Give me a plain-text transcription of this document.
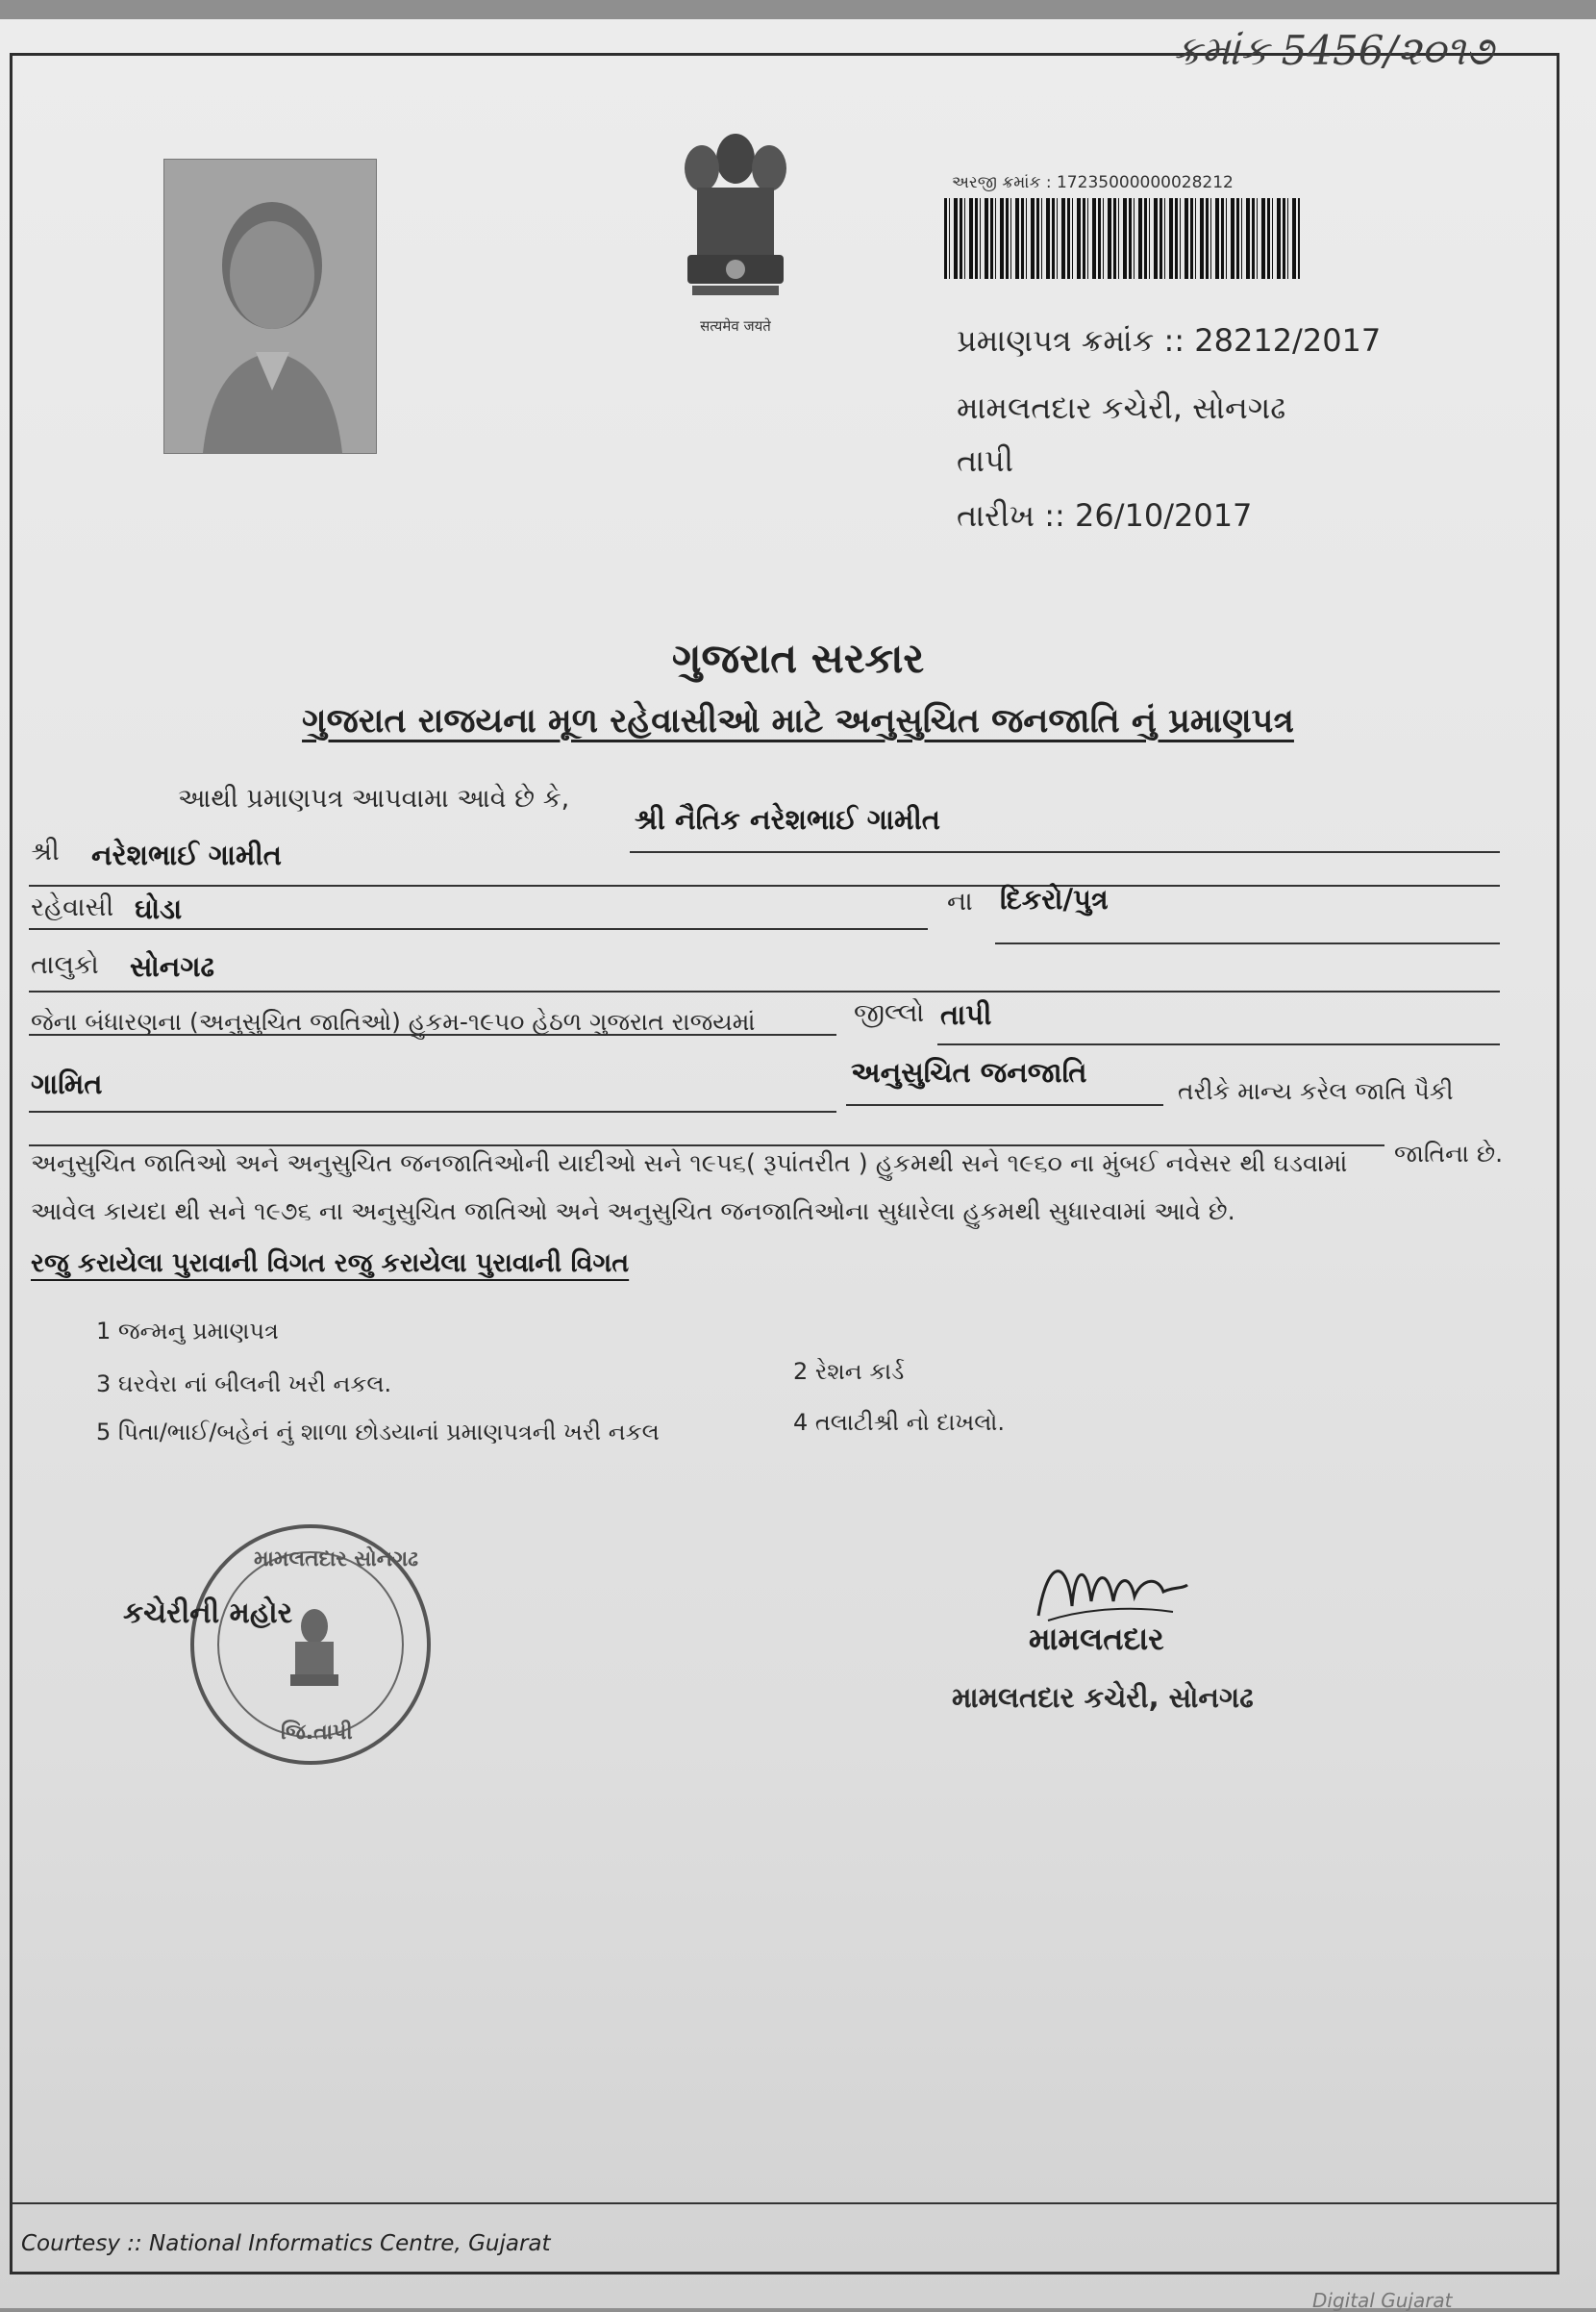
ક્રમાંક 5456/૨૦૧૭
सत्यमेव जयते
અરજી ક્રમાંક : 17235000000028212
પ્રમાણપત્ર ક્રમાંક :: 28212/2017
મામલતદાર કચેરી, સોનગઢ
તાપી
તારીખ :: 26/10/2017
ગુજરાત સરકાર
ગુજરાત રાજયના મૂળ રહેવાસીઓ માટે અનુસુચિત જનજાતિ નું પ્રમાણપત્ર
આથી પ્રમાણપત્ર આપવામા આવે છે કે,
શ્રી નૈતિક નરેશભાઈ ગામીત
શ્રી નરેશભાઈ ગામીત
રહેવાસી ઘોડા	ના દિકરો/પુત્ર
તાલુકો સોનગઢ
જીલ્લો તાપી
જેના બંધારણના (અનુસુચિત જાતિઓ) હુકમ-૧૯૫૦ હેઠળ ગુજરાત રાજયમાં
અનુસુચિત જનજાતિ
તરીકે માન્ય કરેલ જાતિ પૈકી
ગામિત
જાતિના છે.
અનુસુચિત જાતિઓ અને અનુસુચિત જનજાતિઓની યાદીઓ સને ૧૯૫૬( રૂપાંતરીત ) હુકમથી સને ૧૯૬૦ ના મુંબઈ નવેસર થી ઘડવામાં
આવેલ કાયદા થી સને ૧૯૭૬ ના અનુસુચિત જાતિઓ અને અનુસુચિત જનજાતિઓના સુધારેલા હુકમથી સુધારવામાં આવે છે.
રજુ કરાયેલા પુરાવાની વિગત રજુ કરાયેલા પુરાવાની વિગત
1 જન્મનુ પ્રમાણપત્ર
2 રેશન કાર્ડ
3 ઘરવેરા નાં બીલની ખરી નકલ.
4 તલાટીશ્રી નો દાખલો.
5 પિતા/ભાઈ/બહેનં નું શાળા છોડયાનાં પ્રમાણપત્રની ખરી નકલ
મામલતદાર સોનગઢ
જિ.તાપી
કચેરીની મહોર
મામલતદાર
મામલતદાર કચેરી, સોનગઢ
Courtesy :: National Informatics Centre, Gujarat
Digital Gujarat
